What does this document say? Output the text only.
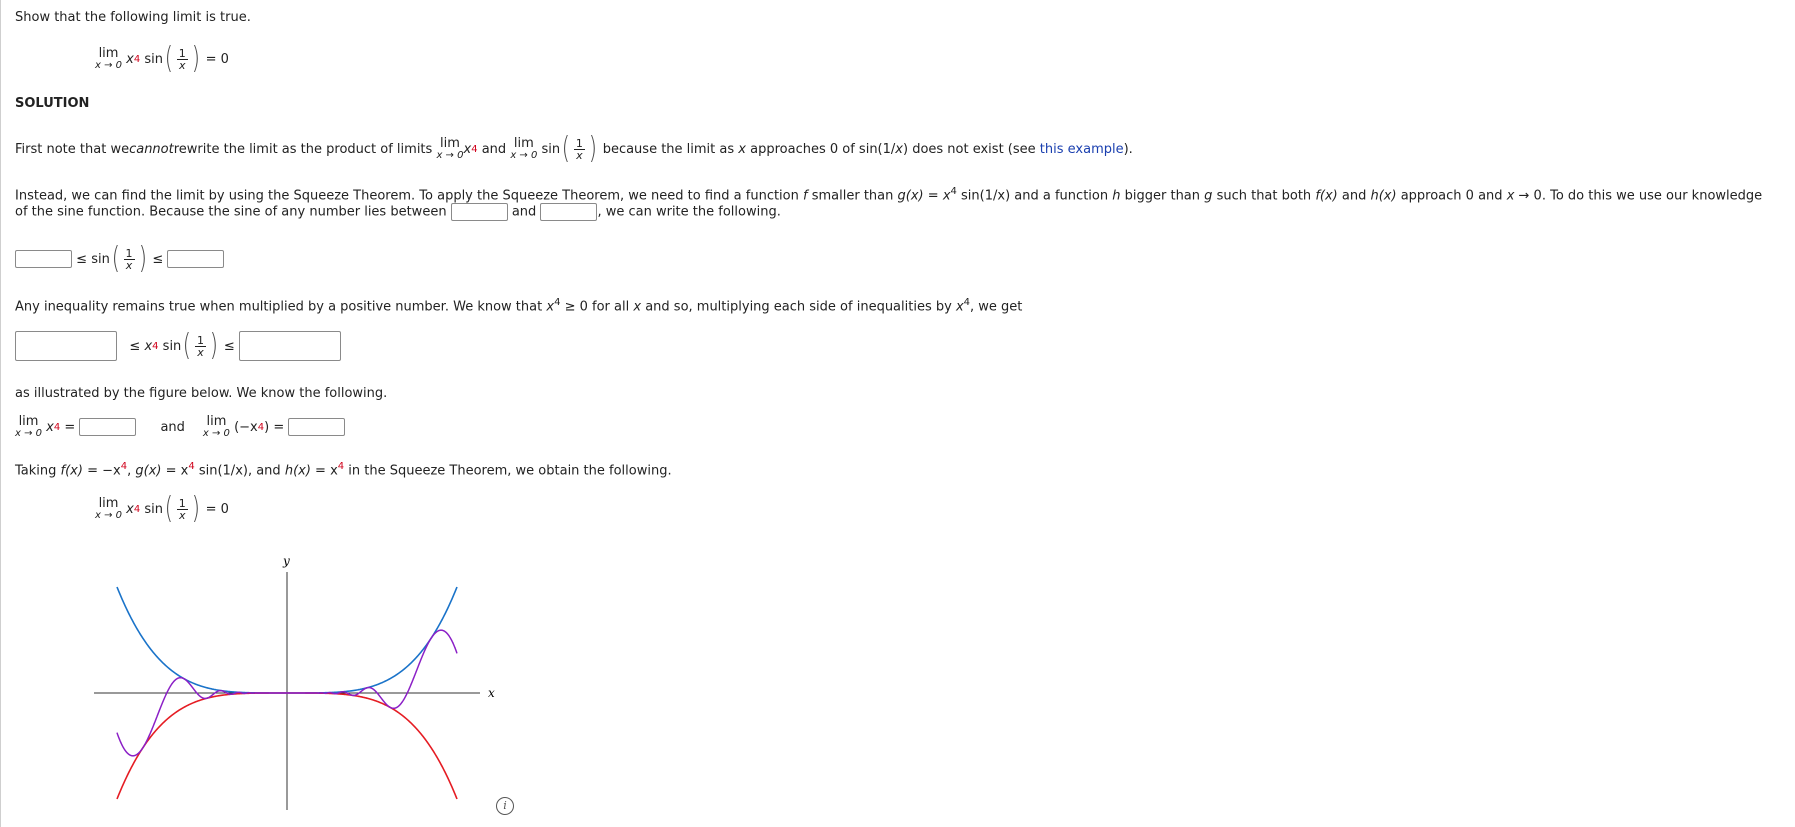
Show that the following limit is true.
lim
x → 0
x 4
sin ( $\frac{1}{x}$ )
= 0
SOLUTION
First note that we cannot rewrite the limit as the product of limits
lim
x → 0 x 4
and
lim
x → 0
sin ( $\frac{1}{x}$ )
because the limit as
x
approaches 0 of sin(1/ x ) does not exist (see
this example ).
Instead, we can find the limit by using the Squeeze Theorem. To apply the Squeeze Theorem, we need to find a function f smaller than $g(x) = x^4$ sin(1/x) and a function h bigger than g such that both f(x) and h(x) approach 0 and x → 0. To do this we use our knowledge
of the sine function. Because the sine of any number lies between	and	, we can write the following.

≤
sin ( $\frac{1}{x}$ )
≤

Any inequality remains true when multiplied by a positive number. We know that $x^4 \ge 0$ for all x and so, multiplying each side of inequalities by $x^4$, we get

≤
x 4
sin ( $\frac{1}{x}$ )
≤

as illustrated by the figure below. We know the following.
lim
x → 0
x 4
=
	and lim
x → 0
(−x 4 )
=

Taking $f(x) = -x^4$, $g(x) = x^4$ sin(1/x), and $h(x) = x^4$ in the Squeeze Theorem, we obtain the following.
lim
x → 0
x 4
sin ( $\frac{1}{x}$ )
= 0
y
x
i
